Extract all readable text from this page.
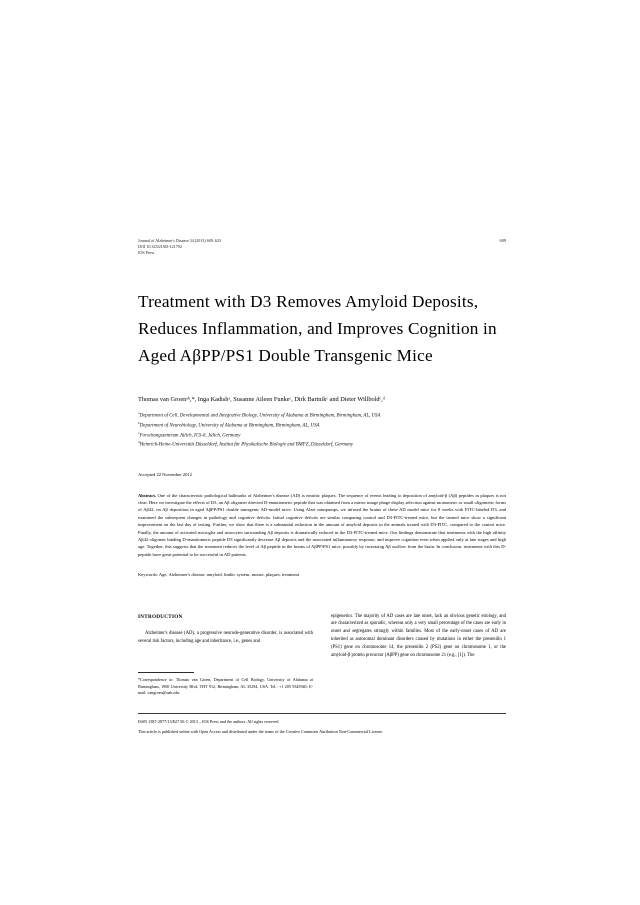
Journal of Alzheimer's Disease 34 (2013) 609–623
DOI 10.3233/JAD-121792
IOS Press
609
Treatment with D3 Removes Amyloid Deposits, Reduces Inflammation, and Improves Cognition in Aged AβPP/PS1 Double Transgenic Mice
Thomas van Groenᵃᵇ,*, Inga Kadishᵃ, Susanne Aileen Funkeᶜ, Dirk Bartnikᶜ and Dieter Willboldᶜ,ᵈ
$^a$Department of Cell, Developmental and Integrative Biology, University of Alabama at Birmingham, Birmingham, AL, USA
$^b$Department of Neurobiology, University of Alabama at Birmingham, Birmingham, AL, USA
$^c$Forschungszentrum Jülich, ICS-6, Jülich, Germany
$^d$Heinrich-Heine-Universität Düsseldorf, Institut für Physikalische Biologie and BMFZ, Düsseldorf, Germany
Accepted 22 November 2012
Abstract. One of the characteristic pathological hallmarks of Alzheimer's disease (AD) is neuritic plaques. The sequence of events leading to deposition of amyloid-β (Aβ) peptides in plaques is not clear. Here we investigate the effects of D3, an Aβ oligomer directed D-enantiomeric peptide that was obtained from a mirror image phage display selection against monomeric or small oligomeric forms of Aβ42, on Aβ deposition in aged AβPP/PS1 double transgenic AD-model mice. Using Alzet minipumps, we infused the brains of these AD model mice for 8 weeks with FITC-labeled D3, and examined the subsequent changes in pathology and cognitive deficits. Initial cognitive deficits are similar comparing control and D3-FITC-treated mice, but the treated mice show a significant improvement on the last day of testing. Further, we show that there is a substantial reduction in the amount of amyloid deposits in the animals treated with D3-FITC, compared to the control mice. Finally, the amount of activated microglia and astrocytes surrounding Aβ deposits is dramatically reduced in the D3-FITC-treated mice. Our findings demonstrate that treatments with the high affinity Aβ42 oligomer binding D-enantiomeric peptide D3 significantly decrease Aβ deposits and the associated inflammatory response, and improve cognition even when applied only at late stages and high age. Together, this suggests that the treatment reduces the level of Aβ peptide in the brains of AβPP/PS1 mice, possibly by increasing Aβ outflow from the brain. In conclusion, treatments with this D-peptide have great potential to be successful in AD patients.
Keywords: Age, Alzheimer's disease, amyloid, limbic system, mouse, plaques, treatment
INTRODUCTION

Alzheimer's disease (AD), a progressive neurode-generative disorder, is associated with several risk factors, including age and inheritance, i.e., genes and

*Correspondence to: Thomas van Groen, Department of Cell Biology, University of Alabama at Birmingham, 1900 University Blvd, THT 912, Birmingham, AL 35294, USA. Tel.: +1 205 9345940; E-mail: vangroen@uab.edu.

epigenetics. The majority of AD cases are late onset, lack an obvious genetic etiology, and are characterized as sporadic, whereas only a very small percentage of the cases are early in onset and segregates strongly within families. Most of the early-onset cases of AD are inherited as autosomal dominant disorders caused by mutations in either the presenilin 1 (PS1) gene on chromosome 14, the presenilin 2 (PS2) gene on chromosome 1, or the amyloid-β protein precursor (AβPP) gene on chromosome 21 (e.g., [1]). The

ISSN 1387-2877/13/$27.50 © 2013 – IOS Press and the authors. All rights reserved
This article is published online with Open Access and distributed under the terms of the Creative Commons Attribution Non-Commercial License.
